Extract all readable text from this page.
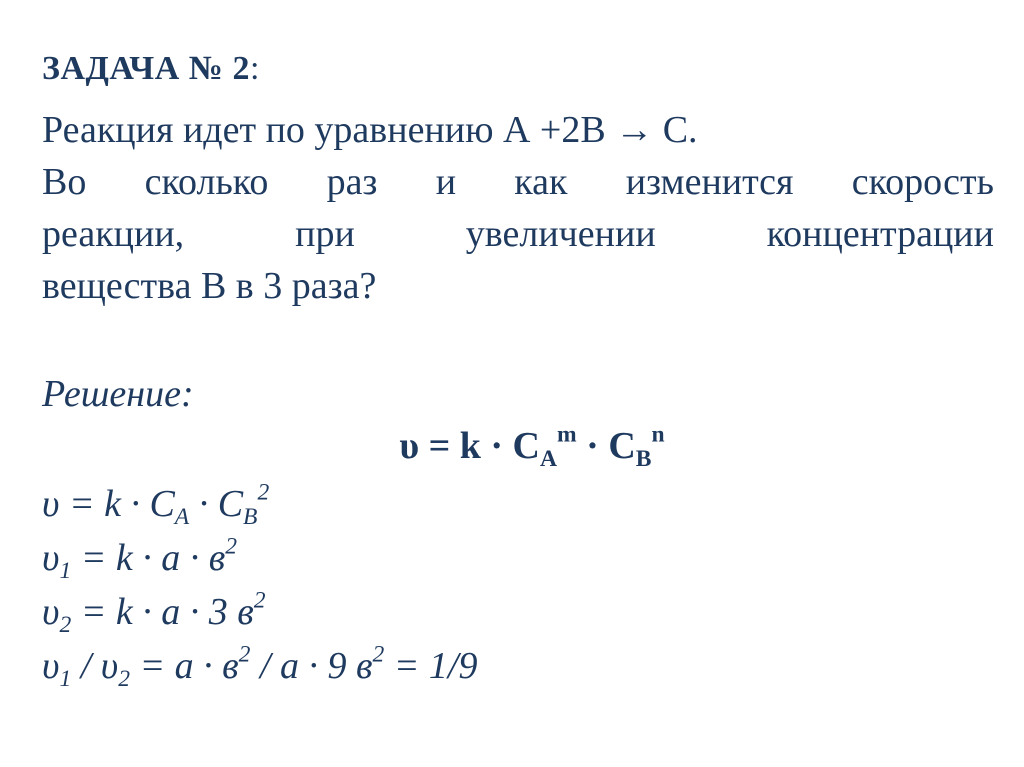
ЗАДАЧА № 2:
Реакция идет по уравнению А +2В → С.
Во сколько раз и как изменится скорость
реакции,	при	увеличении	концентрации
вещества В в 3 раза?
Решение:
$\upsilon = k \cdot C_A^m \cdot C_B^n$
$\upsilon = k \cdot C_A \cdot C_B^2$
$\upsilon_1 = k \cdot а \cdot в^2$
$\upsilon_2 = k \cdot а \cdot 3$ $в^2$
$\upsilon_1 / \upsilon_2 = а \cdot в^2 / а \cdot 9$ $в^2 = 1/9$
